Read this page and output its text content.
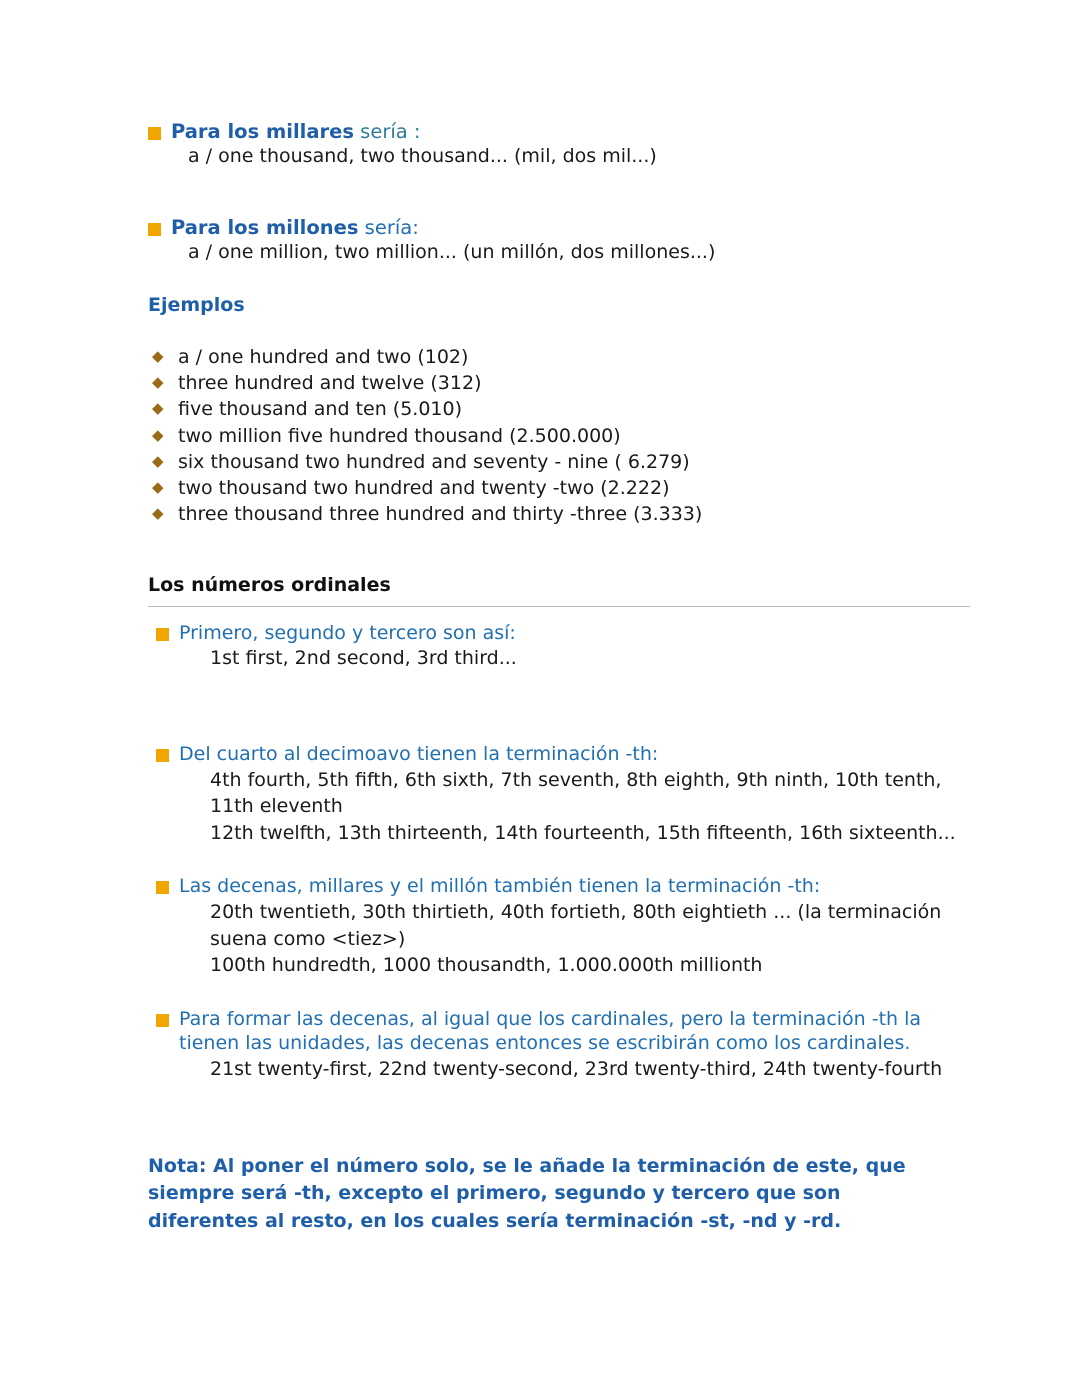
Para los millares sería :
a / one thousand, two thousand... (mil, dos mil...)
Para los millones sería:
a / one million, two million... (un millón, dos millones...)
Ejemplos
◆ a / one hundred and two (102)
◆ three hundred and twelve (312)
◆ five thousand and ten (5.010)
◆ two million five hundred thousand (2.500.000)
◆ six thousand two hundred and seventy - nine ( 6.279)
◆ two thousand two hundred and twenty -two (2.222)
◆ three thousand three hundred and thirty -three (3.333)
Los números ordinales
Primero, segundo y tercero son así:
1st first, 2nd second, 3rd third...
Del cuarto al decimoavo tienen la terminación -th:
4th fourth, 5th fifth, 6th sixth, 7th seventh, 8th eighth, 9th ninth, 10th tenth, 11th eleventh
12th twelfth, 13th thirteenth, 14th fourteenth, 15th fifteenth, 16th sixteenth...
Las decenas, millares y el millón también tienen la terminación -th:
20th twentieth, 30th thirtieth, 40th fortieth, 80th eightieth ... (la terminación suena como <tiez>)
100th hundredth, 1000 thousandth, 1.000.000th millionth
Para formar las decenas, al igual que los cardinales, pero la terminación -th la tienen las unidades, las decenas entonces se escribirán como los cardinales.
21st twenty-first, 22nd twenty-second, 23rd twenty-third, 24th twenty-fourth
Nota: Al poner el número solo, se le añade la terminación de este, que siempre será -th, excepto el primero, segundo y tercero que son diferentes al resto, en los cuales sería terminación -st, -nd y -rd.
